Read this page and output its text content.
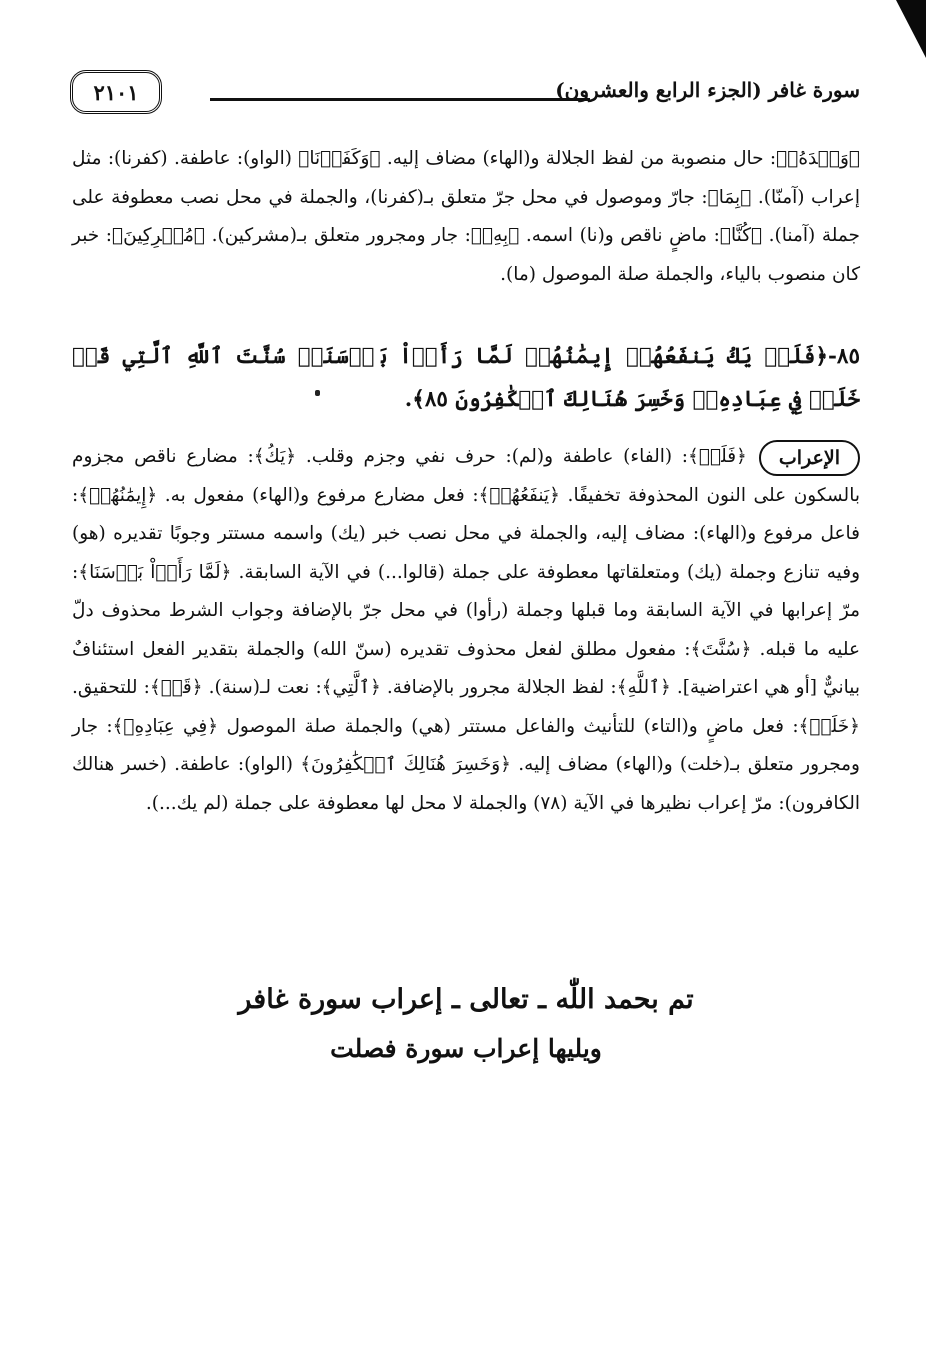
٢١٠١	سورة غافر (الجزء الرابع والعشرون)
﴿وَحۡدَهُۥ﴾: حال منصوبة من لفظ الجلالة و(الهاء) مضاف إليه. ﴿وَكَفَرۡنَا﴾ (الواو): عاطفة. (كفرنا): مثل إعراب (آمنّا). ﴿بِمَا﴾: جارّ وموصول في محل جرّ متعلق بـ(كفرنا)، والجملة في محل نصب معطوفة على جملة (آمنا). ﴿كُنَّا﴾: ماضٍ ناقص و(نا) اسمه. ﴿بِهِۦ﴾: جار ومجرور متعلق بـ(مشركين). ﴿مُشۡرِكِينَ﴾: خبر كان منصوب بالياء، والجملة صلة الموصول (ما).
٨٥-﴿فَلَمۡ يَكُ يَنفَعُهُمۡ إِيمَٰنُهُمۡ لَمَّا رَأَوۡاْ بَأۡسَنَاۖ سُنَّتَ ٱللَّهِ ٱلَّتِي قَدۡ خَلَتۡ فِي عِبَادِهِۦۖ وَخَسِرَ هُنَالِكَ ٱلۡكَٰفِرُونَ ٨٥﴾.
الإعراب
﴿فَلَمۡ﴾: (الفاء) عاطفة و(لم): حرف نفي وجزم وقلب. ﴿يَكُ﴾: مضارع ناقص مجزوم بالسكون على النون المحذوفة تخفيفًا. ﴿يَنفَعُهُمۡ﴾: فعل مضارع مرفوع و(الهاء) مفعول به. ﴿إِيمَٰنُهُمۡ﴾: فاعل مرفوع و(الهاء): مضاف إليه، والجملة في محل نصب خبر (يك) واسمه مستتر وجوبًا تقديره (هو) وفيه تنازع وجملة (يك) ومتعلقاتها معطوفة على جملة (قالوا...) في الآية السابقة. ﴿لَمَّا رَأَوۡاْ بَأۡسَنَا﴾: مرّ إعرابها في الآية السابقة وما قبلها وجملة (رأوا) في محل جرّ بالإضافة وجواب الشرط محذوف دلّ عليه ما قبله. ﴿سُنَّتَ﴾: مفعول مطلق لفعل محذوف تقديره (سنّ الله) والجملة بتقدير الفعل استئنافٌ بيانيٌّ [أو هي اعتراضية]. ﴿ٱللَّهِ﴾: لفظ الجلالة مجرور بالإضافة. ﴿ٱلَّتِي﴾: نعت لـ(سنة). ﴿قَدۡ﴾: للتحقيق. ﴿خَلَتۡ﴾: فعل ماضٍ و(التاء) للتأنيث والفاعل مستتر (هي) والجملة صلة الموصول ﴿فِي عِبَادِهِۦ﴾: جار ومجرور متعلق بـ(خلت) و(الهاء) مضاف إليه. ﴿وَخَسِرَ هُنَالِكَ ٱلۡكَٰفِرُونَ﴾ (الواو): عاطفة. (خسر هنالك الكافرون): مرّ إعراب نظيرها في الآية (٧٨) والجملة لا محل لها معطوفة على جملة (لم يك...).
تم بحمد اللّٰه ـ تعالى ـ إعراب سورة غافر
ويليها إعراب سورة فصلت
